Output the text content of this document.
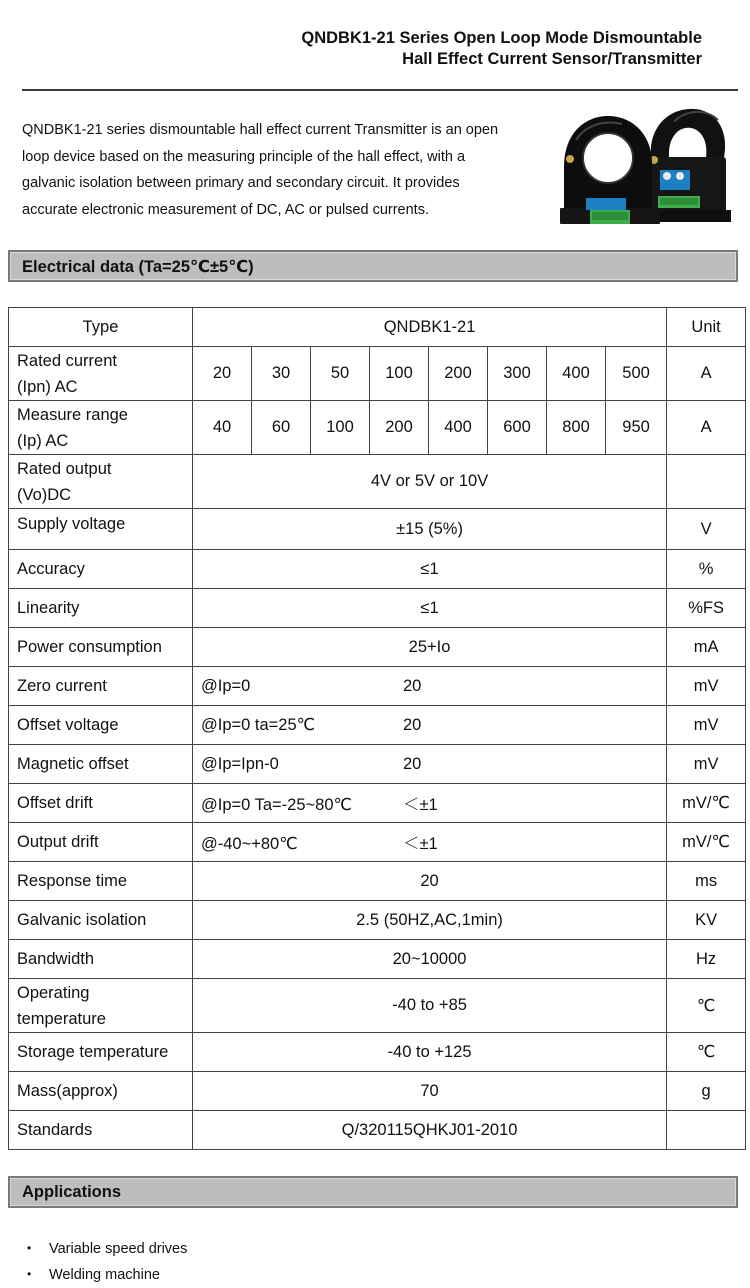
QNDBK1-21 Series Open Loop Mode Dismountable
Hall Effect Current Sensor/Transmitter
QNDBK1-21 series dismountable hall effect current Transmitter is an open
loop device based on the measuring principle of the hall effect, with a
galvanic isolation between primary and secondary circuit. It provides
accurate electronic measurement of DC, AC or pulsed currents.
Electrical data (Ta=25℃±5℃)
Type	QNDBK1-21								Unit

Rated current
(Ipn) AC	20	30	50	100	200	300	400	500	A

Measure range
(Ip) AC	40	60	100	200	400	600	800	950	A

Rated output
(Vo)DC	4V or 5V or 10V								
Supply voltage	±15 (5%)								V
Accuracy	≤1								%
Linearity	≤1								%FS
Power consumption	25+Io								mA
Zero current	@Ip=0 20								mV
Offset voltage	@Ip=0 ta=25℃ 20								mV
Magnetic offset	@Ip=Ipn-0 20								mV
Offset drift	@Ip=0 Ta=-25~80℃ ＜±1								mV/℃
Output drift	@-40~+80℃ ＜±1								mV/℃
Response time	20								ms
Galvanic isolation	2.5 (50HZ,AC,1min)								KV
Bandwidth	20~10000								Hz

Operating
temperature	-40 to +85								℃
Storage temperature	-40 to +125								℃
Mass(approx)	70								g
Standards	Q/320115QHKJ01-2010								
Applications
• Variable speed drives
• Welding machine
